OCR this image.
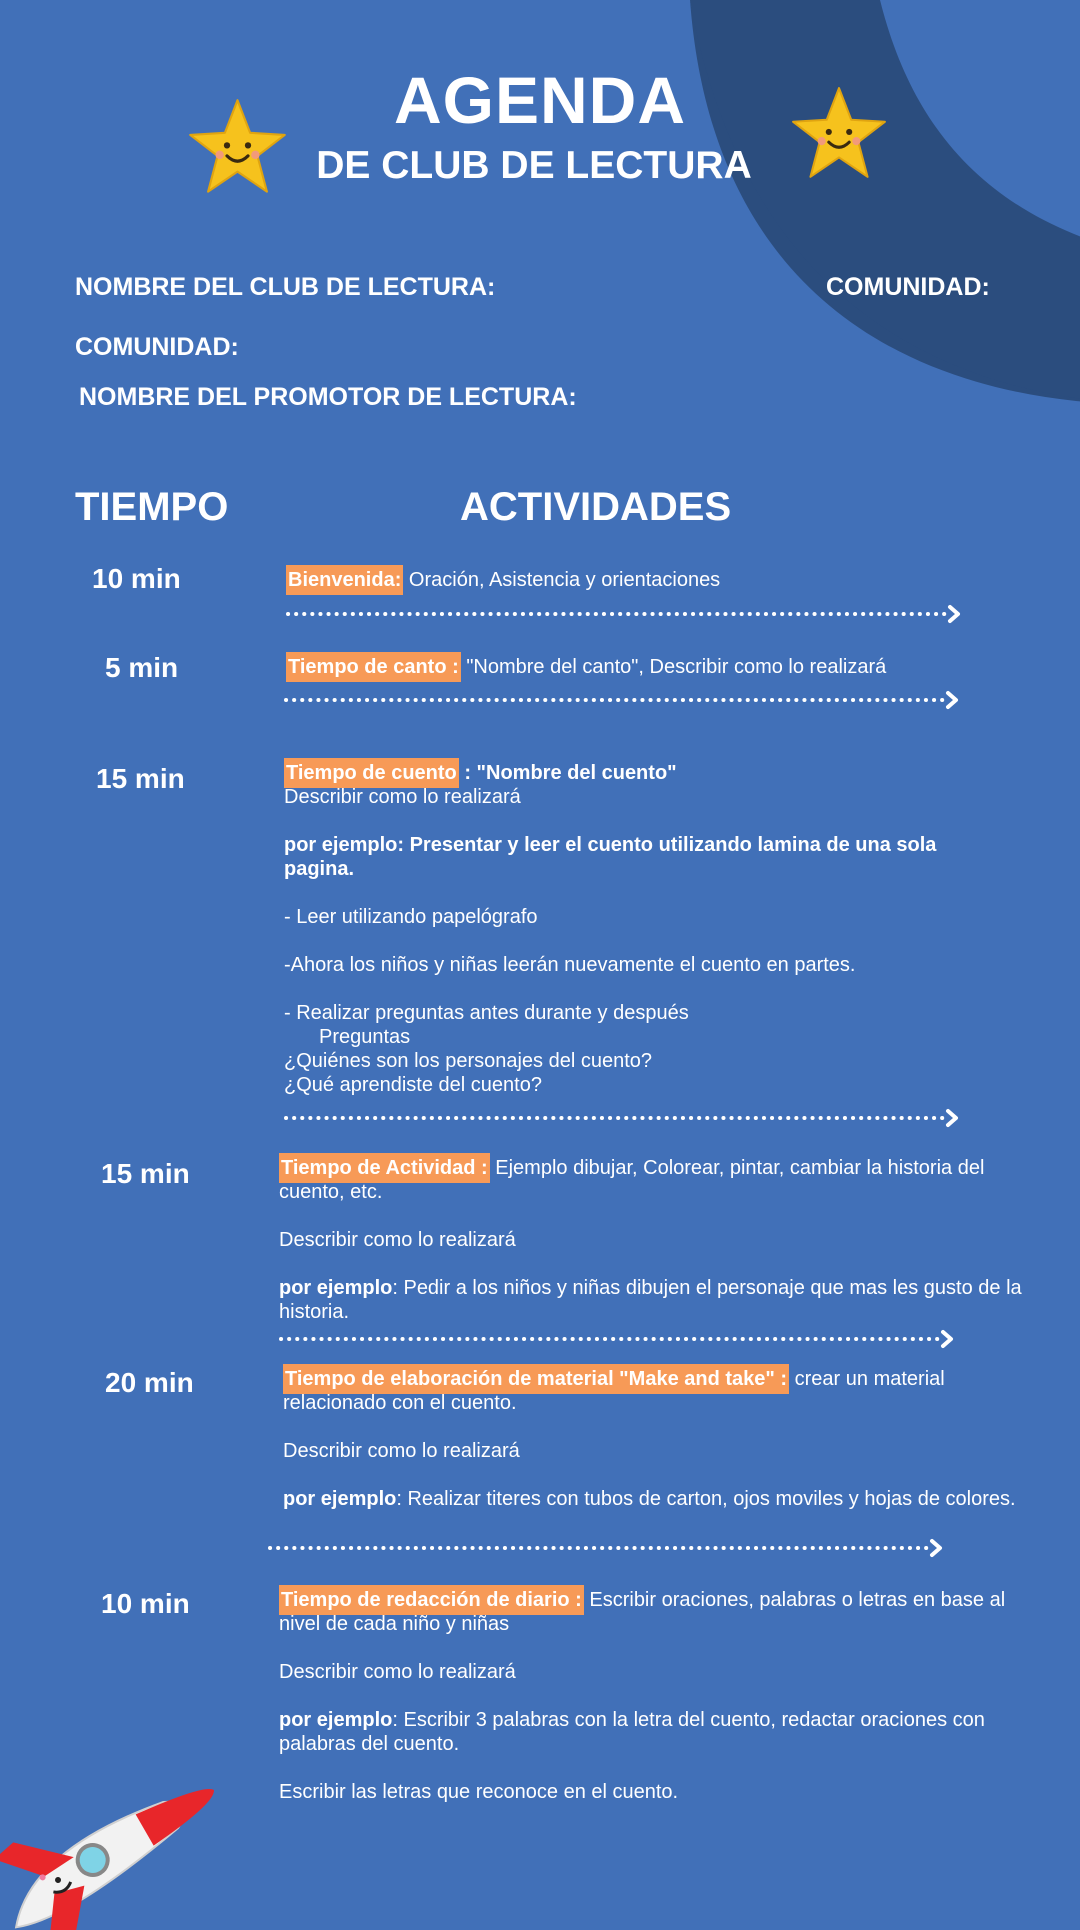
AGENDA
DE CLUB DE LECTURA
NOMBRE DEL CLUB DE LECTURA:	COMUNIDAD:
COMUNIDAD:
NOMBRE DEL PROMOTOR DE LECTURA:
TIEMPO	ACTIVIDADES
10 min	Bienvenida: Oración, Asistencia y orientaciones

5 min	Tiempo de canto : "Nombre del canto", Describir como lo realizará

15 min	Tiempo de cuento : "Nombre del cuento"

Describir como lo realizará

por ejemplo: Presentar y leer el cuento utilizando lamina de una sola pagina.

- Leer utilizando papelógrafo

-Ahora los niños y niñas leerán nuevamente el cuento en partes.

- Realizar preguntas antes durante y después

Preguntas

¿Quiénes son los personajes del cuento?

¿Qué aprendiste del cuento?

15 min	Tiempo de Actividad : Ejemplo dibujar, Colorear, pintar, cambiar la historia del cuento, etc.

Describir como lo realizará

por ejemplo: Pedir a los niños y niñas dibujen el personaje que mas les gusto de la historia.

20 min	Tiempo de elaboración de material "Make and take" : crear un material relacionado con el cuento.

Describir como lo realizará

por ejemplo: Realizar titeres con tubos de carton, ojos moviles y hojas de colores.

10 min	Tiempo de redacción de diario : Escribir oraciones, palabras o letras en base al nivel de cada niño y niñas

Describir como lo realizará

por ejemplo: Escribir 3 palabras con la letra del cuento, redactar oraciones con palabras del cuento.

Escribir las letras que reconoce en el cuento.
